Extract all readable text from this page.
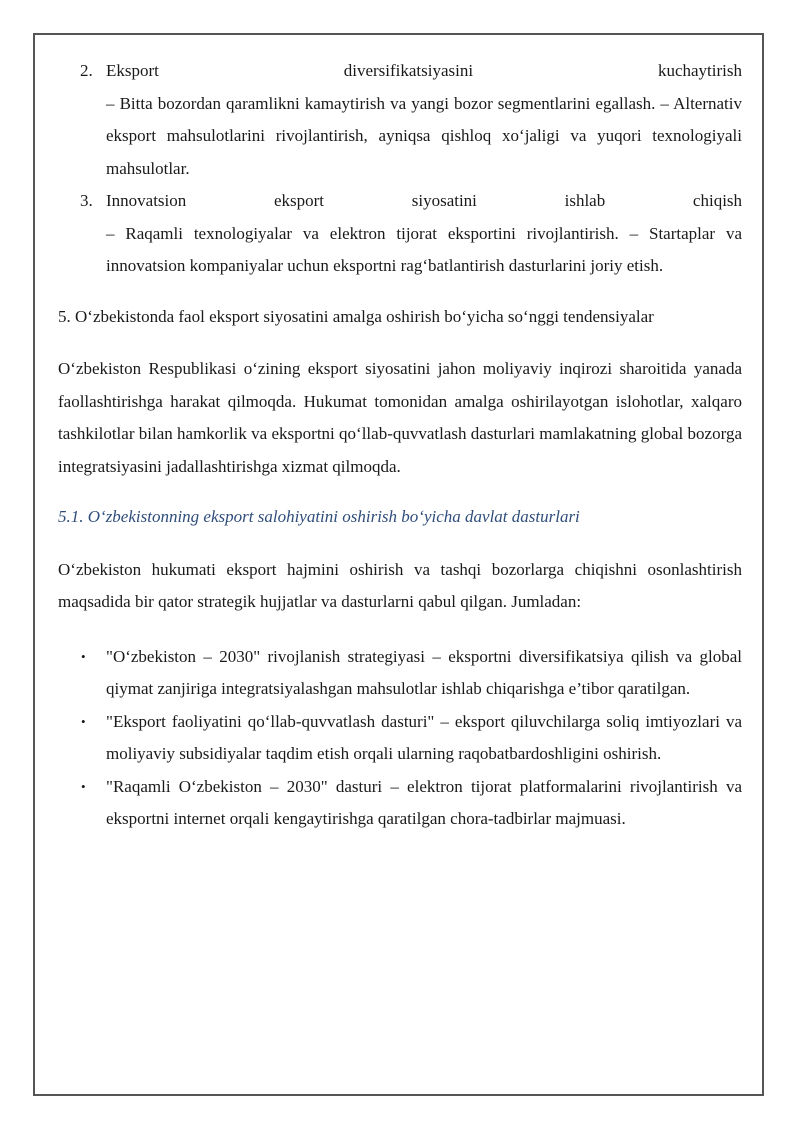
2. Eksport	diversifikatsiyasini	kuchaytirish
– Bitta bozordan qaramlikni kamaytirish va yangi bozor segmentlarini egallash. – Alternativ eksport mahsulotlarini rivojlantirish, ayniqsa qishloq xo‘jaligi va yuqori texnologiyali mahsulotlar.
3. Innovatsion	eksport	siyosatini	ishlab	chiqish
– Raqamli texnologiyalar va elektron tijorat eksportini rivojlantirish. – Startaplar va innovatsion kompaniyalar uchun eksportni rag‘batlantirish dasturlarini joriy etish.

5. O‘zbekistonda faol eksport siyosatini amalga oshirish bo‘yicha so‘nggi tendensiyalar

O‘zbekiston Respublikasi o‘zining eksport siyosatini jahon moliyaviy inqirozi sharoitida yanada faollashtirishga harakat qilmoqda. Hukumat tomonidan amalga oshirilayotgan islohotlar, xalqaro tashkilotlar bilan hamkorlik va eksportni qo‘llab-quvvatlash dasturlari mamlakatning global bozorga integratsiyasini jadallashtirishga xizmat qilmoqda.

5.1. O‘zbekistonning eksport salohiyatini oshirish bo‘yicha davlat dasturlari

O‘zbekiston hukumati eksport hajmini oshirish va tashqi bozorlarga chiqishni osonlashtirish maqsadida bir qator strategik hujjatlar va dasturlarni qabul qilgan. Jumladan:

• "O‘zbekiston – 2030" rivojlanish strategiyasi – eksportni diversifikatsiya qilish va global qiymat zanjiriga integratsiyalashgan mahsulotlar ishlab chiqarishga e’tibor qaratilgan.
• "Eksport faoliyatini qo‘llab-quvvatlash dasturi" – eksport qiluvchilarga soliq imtiyozlari va moliyaviy subsidiyalar taqdim etish orqali ularning raqobatbardoshligini oshirish.
• "Raqamli O‘zbekiston – 2030" dasturi – elektron tijorat platformalarini rivojlantirish va eksportni internet orqali kengaytirishga qaratilgan chora-tadbirlar majmuasi.
